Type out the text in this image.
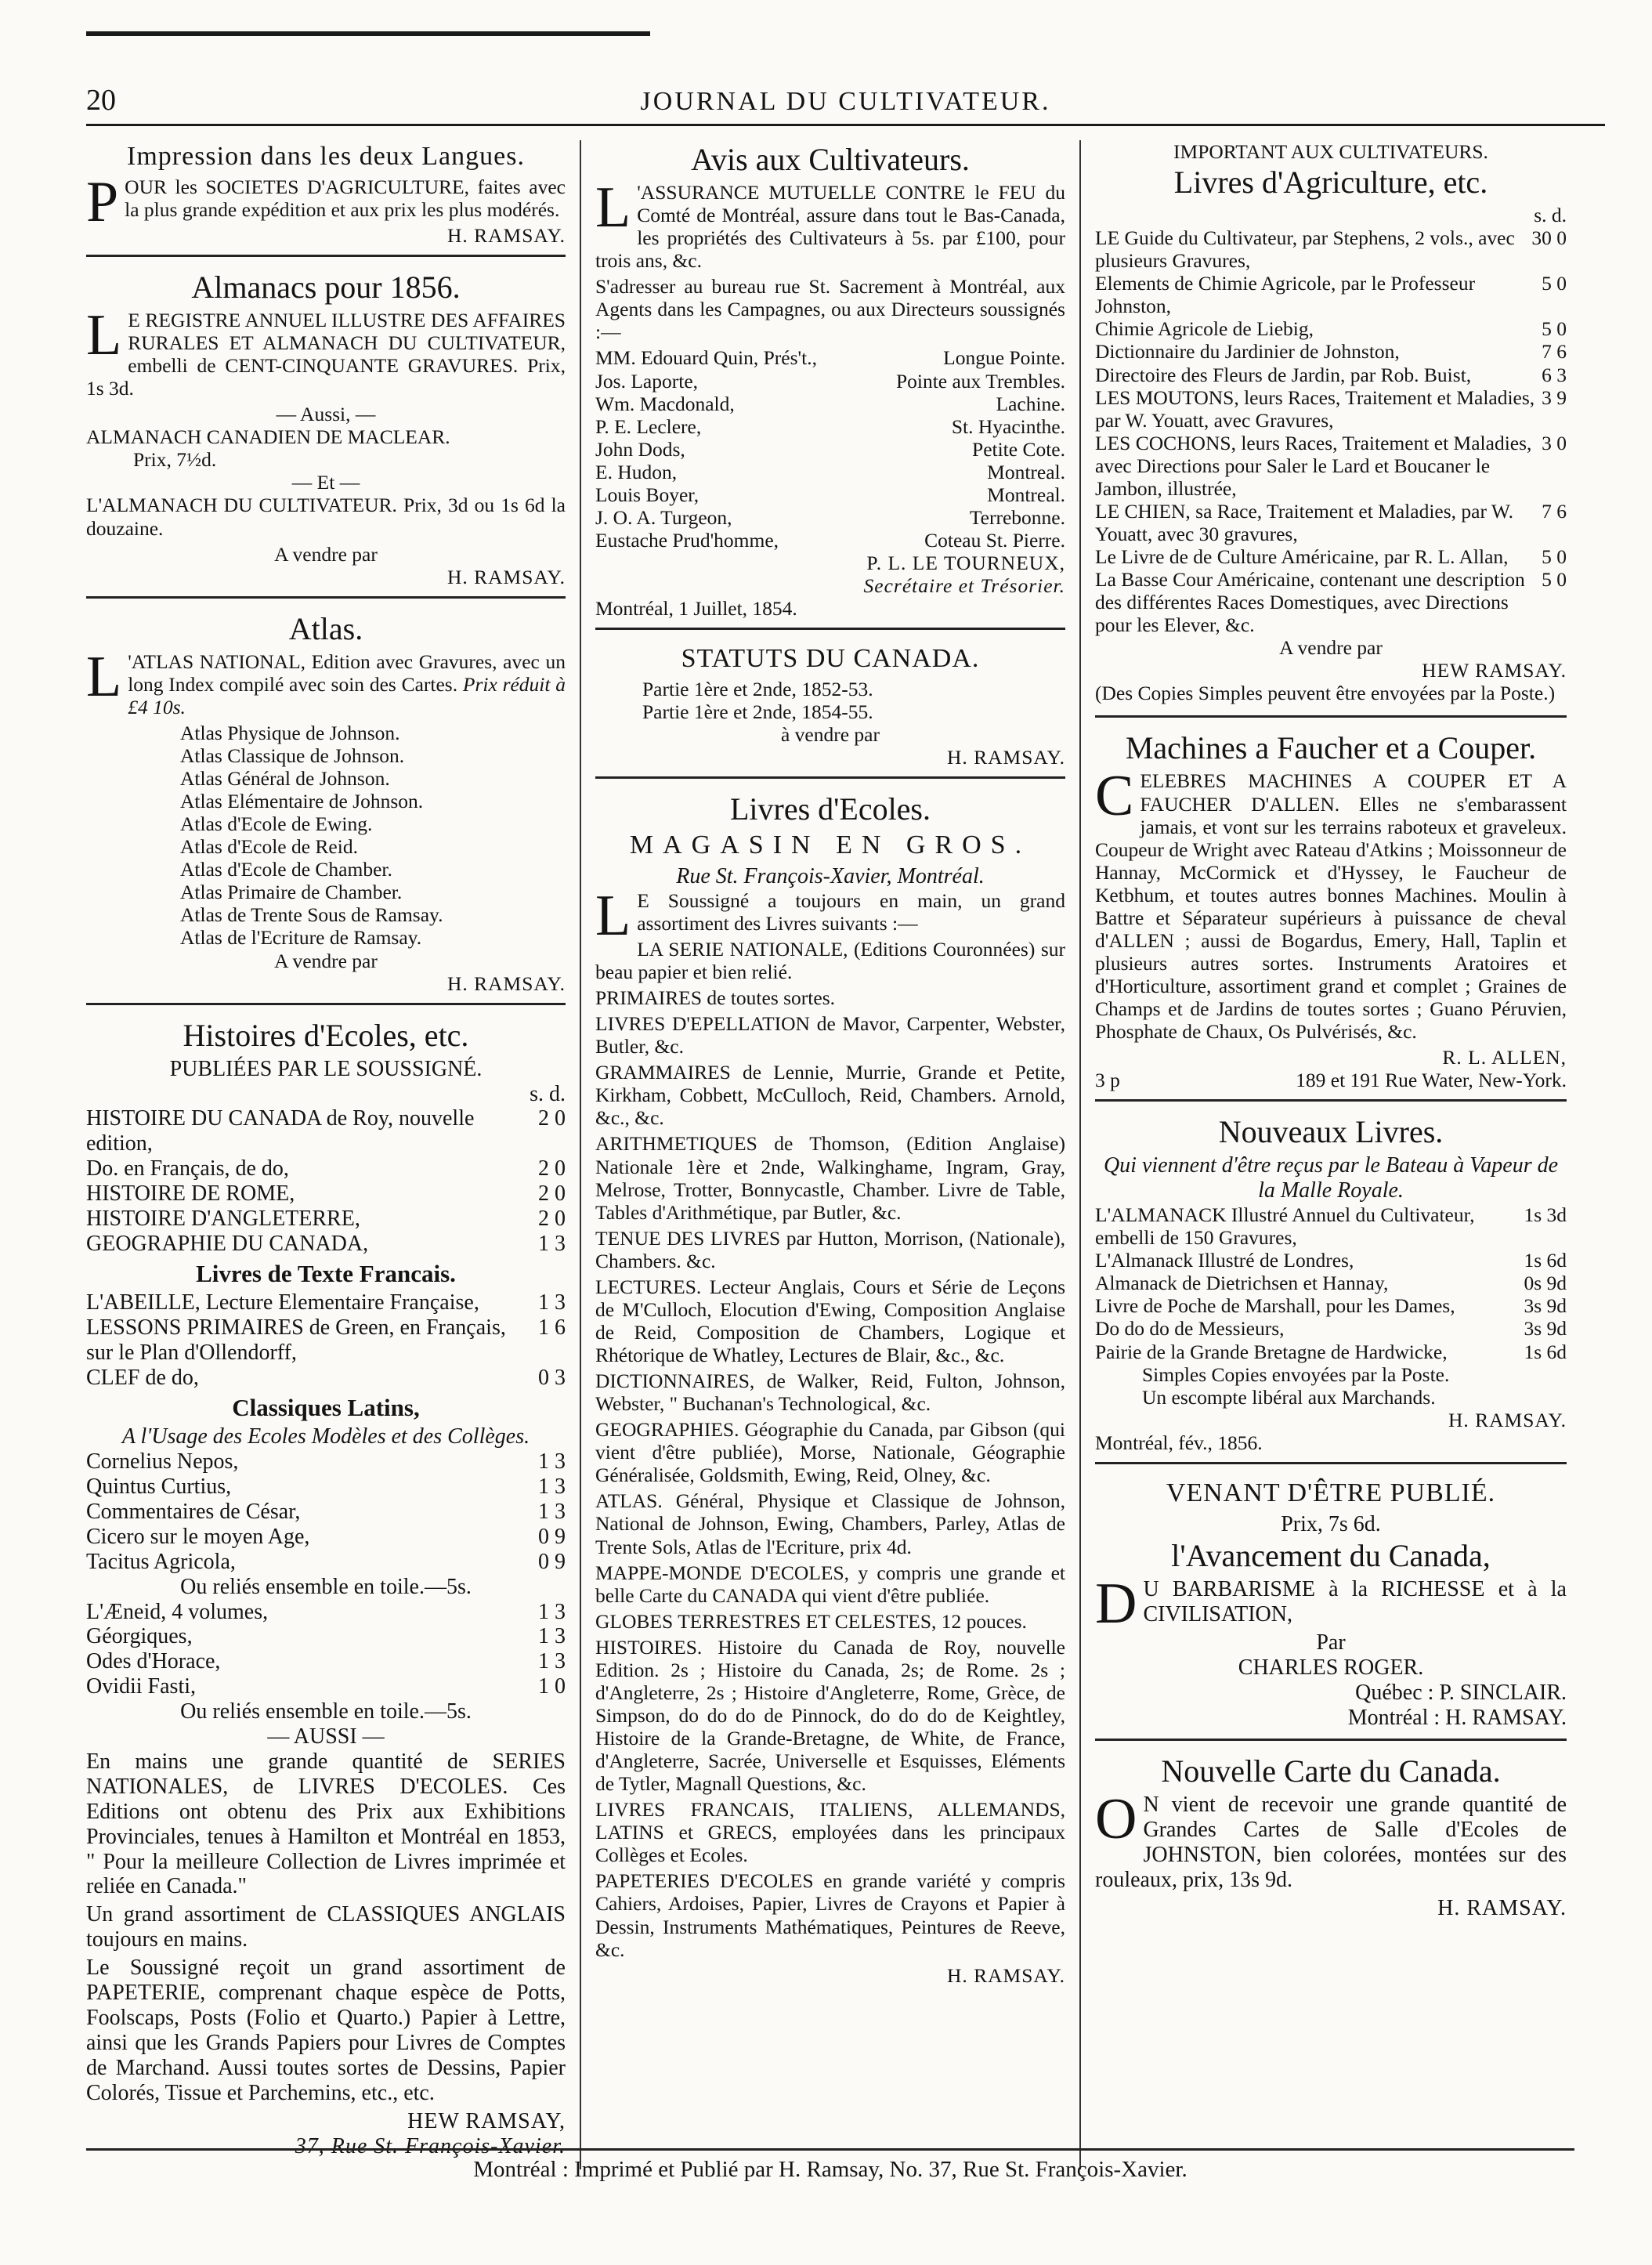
20	JOURNAL DU CULTIVATEUR.
Impression dans les deux Langues.

POUR les SOCIETES D'AGRICULTURE, faites avec la plus grande expédition et aux prix les plus modérés.

H. RAMSAY.
Almanacs pour 1856.

L E REGISTRE ANNUEL ILLUSTRE DES AFFAIRES RURALES ET ALMANACH DU CULTIVATEUR, embelli de CENT-CINQUANTE GRAVURES. Prix, 1s 3d.

— Aussi, —
ALMANACH CANADIEN DE MACLEAR.
Prix, 7½d.
— Et —

L'ALMANACH DU CULTIVATEUR. Prix, 3d ou 1s 6d la douzaine.

A vendre par
H. RAMSAY.
Atlas.

L 'ATLAS NATIONAL, Edition avec Gravures, avec un long Index compilé avec soin des Cartes. Prix réduit à £4 10s.

Atlas Physique de Johnson.
Atlas Classique de Johnson.
Atlas Général de Johnson.
Atlas Elémentaire de Johnson.
Atlas d'Ecole de Ewing.
Atlas d'Ecole de Reid.
Atlas d'Ecole de Chamber.
Atlas Primaire de Chamber.
Atlas de Trente Sous de Ramsay.
Atlas de l'Ecriture de Ramsay.
A vendre par
H. RAMSAY.
Histoires d'Ecoles, etc.
PUBLIÉES PAR LE SOUSSIGNÉ.
s. d.
HISTOIRE DU CANADA de Roy, nouvelle edition,
2 0
Do. en Français, de do,	2 0
HISTOIRE DE ROME,	2 0
HISTOIRE D'ANGLETERRE,	2 0
GEOGRAPHIE DU CANADA,	1 3
Livres de Texte Francais.
L'ABEILLE, Lecture Elementaire Française,	1 3
LESSONS PRIMAIRES de Green, en Français, sur le Plan d'Ollendorff,
1 6
CLEF de do,	0 3
Classiques Latins,
A l'Usage des Ecoles Modèles et des Collèges.
Cornelius Nepos,	1 3
Quintus Curtius,	1 3
Commentaires de César,	1 3
Cicero sur le moyen Age,	0 9
Tacitus Agricola,	0 9
Ou reliés ensemble en toile.—5s.
L'Æneid, 4 volumes,	1 3
Géorgiques,	1 3
Odes d'Horace,	1 3
Ovidii Fasti,	1 0
Ou reliés ensemble en toile.—5s.
— AUSSI —

En mains une grande quantité de SERIES NATIONALES, de LIVRES D'ECOLES. Ces Editions ont obtenu des Prix aux Exhibitions Provinciales, tenues à Hamilton et Montréal en 1853, " Pour la meilleure Collection de Livres imprimée et reliée en Canada."

Un grand assortiment de CLASSIQUES ANGLAIS toujours en mains.

Le Soussigné reçoit un grand assortiment de PAPETERIE, comprenant chaque espèce de Potts, Foolscaps, Posts (Folio et Quarto.) Papier à Lettre, ainsi que les Grands Papiers pour Livres de Comptes de Marchand. Aussi toutes sortes de Dessins, Papier Colorés, Tissue et Parchemins, etc., etc.

HEW RAMSAY,
37, Rue St. François-Xavier.
Avis aux Cultivateurs.

L 'ASSURANCE MUTUELLE CONTRE le FEU du Comté de Montréal, assure dans tout le Bas-Canada, les propriétés des Cultivateurs à 5s. par £100, pour trois ans, &c.

S'adresser au bureau rue St. Sacrement à Montréal, aux Agents dans les Campagnes, ou aux Directeurs soussignés :—

MM. Edouard Quin, Prés't.,	Longue Pointe.
Jos. Laporte,	Pointe aux Trembles.
Wm. Macdonald,	Lachine.
P. E. Leclere,	St. Hyacinthe.
John Dods,	Petite Cote.
E. Hudon,	Montreal.
Louis Boyer,	Montreal.
J. O. A. Turgeon,	Terrebonne.
Eustache Prud'homme,	Coteau St. Pierre.
P. L. LE TOURNEUX,
Secrétaire et Trésorier.
Montréal, 1 Juillet, 1854.
STATUTS DU CANADA.
Partie 1ère et 2nde, 1852-53.
Partie 1ère et 2nde, 1854-55.
à vendre par
H. RAMSAY.
Livres d'Ecoles.
MAGASIN EN GROS.
Rue St. François-Xavier, Montréal.

L E Soussigné a toujours en main, un grand assortiment des Livres suivants :—

LA SERIE NATIONALE, (Editions Couronnées) sur beau papier et bien relié.

PRIMAIRES de toutes sortes.

LIVRES D'EPELLATION de Mavor, Carpenter, Webster, Butler, &c.

GRAMMAIRES de Lennie, Murrie, Grande et Petite, Kirkham, Cobbett, McCulloch, Reid, Chambers. Arnold, &c., &c.

ARITHMETIQUES de Thomson, (Edition Anglaise) Nationale 1ère et 2nde, Walkinghame, Ingram, Gray, Melrose, Trotter, Bonnycastle, Chamber. Livre de Table, Tables d'Arithmétique, par Butler, &c.

TENUE DES LIVRES par Hutton, Morrison, (Nationale), Chambers. &c.

LECTURES. Lecteur Anglais, Cours et Série de Leçons de M'Culloch, Elocution d'Ewing, Composition Anglaise de Reid, Composition de Chambers, Logique et Rhétorique de Whatley, Lectures de Blair, &c., &c.

DICTIONNAIRES, de Walker, Reid, Fulton, Johnson, Webster, " Buchanan's Technological, &c.

GEOGRAPHIES. Géographie du Canada, par Gibson (qui vient d'être publiée), Morse, Nationale, Géographie Généralisée, Goldsmith, Ewing, Reid, Olney, &c.

ATLAS. Général, Physique et Classique de Johnson, National de Johnson, Ewing, Chambers, Parley, Atlas de Trente Sols, Atlas de l'Ecriture, prix 4d.

MAPPE-MONDE D'ECOLES, y compris une grande et belle Carte du CANADA qui vient d'être publiée.

GLOBES TERRESTRES ET CELESTES, 12 pouces.

HISTOIRES. Histoire du Canada de Roy, nouvelle Edition. 2s ; Histoire du Canada, 2s; de Rome. 2s ; d'Angleterre, 2s ; Histoire d'Angleterre, Rome, Grèce, de Simpson, do do do de Pinnock, do do do de Keightley, Histoire de la Grande-Bretagne, de White, de France, d'Angleterre, Sacrée, Universelle et Esquisses, Eléments de Tytler, Magnall Questions, &c.

LIVRES FRANCAIS, ITALIENS, ALLEMANDS, LATINS et GRECS, employées dans les principaux Collèges et Ecoles.

PAPETERIES D'ECOLES en grande variété y compris Cahiers, Ardoises, Papier, Livres de Crayons et Papier à Dessin, Instruments Mathématiques, Peintures de Reeve, &c.

H. RAMSAY.
IMPORTANT AUX CULTIVATEURS.
Livres d'Agriculture, etc.
s. d.
LE Guide du Cultivateur, par Stephens, 2 vols., avec plusieurs Gravures,
30 0
Elements de Chimie Agricole, par le Professeur Johnston,
5 0
Chimie Agricole de Liebig,	5 0
Dictionnaire du Jardinier de Johnston,	7 6
Directoire des Fleurs de Jardin, par Rob. Buist,	6 3
LES MOUTONS, leurs Races, Traitement et Maladies, par W. Youatt, avec Gravures,
3 9
LES COCHONS, leurs Races, Traitement et Maladies, avec Directions pour Saler le Lard et Boucaner le Jambon, illustrée,
3 0
LE CHIEN, sa Race, Traitement et Maladies, par W. Youatt, avec 30 gravures,
7 6
Le Livre de de Culture Américaine, par R. L. Allan, 5 0
La Basse Cour Américaine, contenant une description des différentes Races Domestiques, avec Directions pour les Elever, &c.
5 0
A vendre par
HEW RAMSAY.

(Des Copies Simples peuvent être envoyées par la Poste.)

Machines a Faucher et a Couper.

CELEBRES MACHINES A COUPER ET A FAUCHER D'ALLEN. Elles ne s'embarassent jamais, et vont sur les terrains raboteux et graveleux. Coupeur de Wright avec Rateau d'Atkins ; Moissonneur de Hannay, McCormick et d'Hyssey, le Faucheur de Ketbhum, et toutes autres bonnes Machines. Moulin à Battre et Séparateur supérieurs à puissance de cheval d'ALLEN ; aussi de Bogardus, Emery, Hall, Taplin et plusieurs autres sortes. Instruments Aratoires et d'Horticulture, assortiment grand et complet ; Graines de Champs et de Jardins de toutes sortes ; Guano Péruvien, Phosphate de Chaux, Os Pulvérisés, &c.

R. L. ALLEN,
3 p	189 et 191 Rue Water, New-York.
Nouveaux Livres.
Qui viennent d'être reçus par le Bateau à Vapeur de la Malle Royale.
L'ALMANACK Illustré Annuel du Cultivateur, embelli de 150 Gravures,
1s 3d
L'Almanack Illustré de Londres,	1s 6d
Almanack de Dietrichsen et Hannay,	0s 9d
Livre de Poche de Marshall, pour les Dames,	3s 9d
Do do do de Messieurs,	3s 9d
Pairie de la Grande Bretagne de Hardwicke,	1s 6d
Simples Copies envoyées par la Poste.
Un escompte libéral aux Marchands.
H. RAMSAY.
Montréal, fév., 1856.
VENANT D'ÊTRE PUBLIÉ.
Prix, 7s 6d.
l'Avancement du Canada,

D U BARBARISME à la RICHESSE et à la CIVILISATION,

Par
CHARLES ROGER.
Québec : P. SINCLAIR.
Montréal : H. RAMSAY.
Nouvelle Carte du Canada.

O N vient de recevoir une grande quantité de Grandes Cartes de Salle d'Ecoles de JOHNSTON, bien colorées, montées sur des rouleaux, prix, 13s 9d.

H. RAMSAY.
Montréal : Imprimé et Publié par H. Ramsay, No. 37, Rue St. François-Xavier.
